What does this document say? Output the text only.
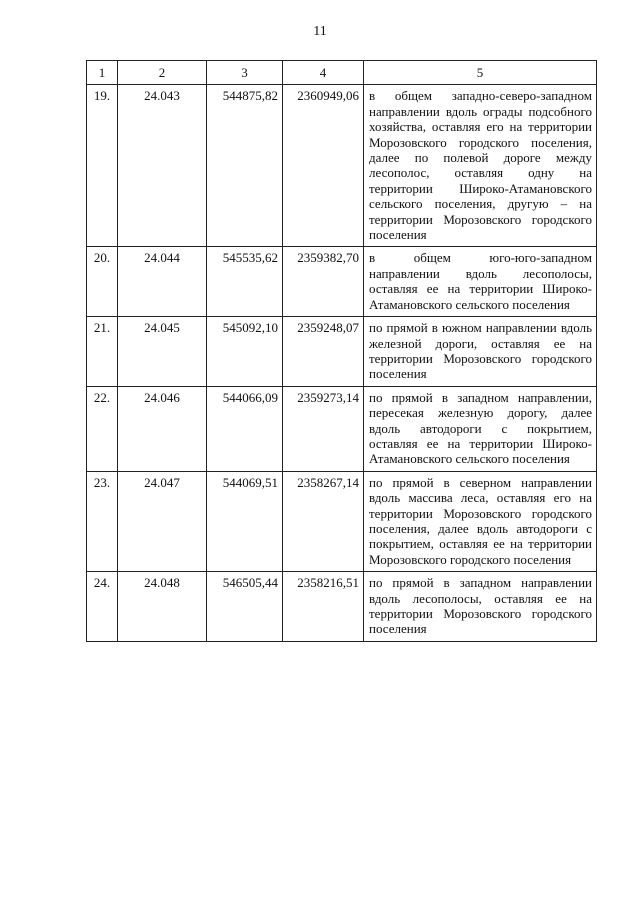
11
1	2	3	4	5
19.	24.043	544875,82	2360949,06	в общем западно-северо-западном направлении вдоль ограды подсобного хозяйства, оставляя его на территории Морозовского городского поселения, далее по полевой дороге между лесополос, оставляя одну на территории Широко-Атамановского сельского поселения, другую – на территории Морозовского городского поселения
20.	24.044	545535,62	2359382,70	в общем юго-юго-западном направлении вдоль лесополосы, оставляя ее на территории Широко-Атамановского сельского поселения
21.	24.045	545092,10	2359248,07	по прямой в южном направлении вдоль железной дороги, оставляя ее на территории Морозовского городского поселения
22.	24.046	544066,09	2359273,14	по прямой в западном направлении, пересекая железную дорогу, далее вдоль автодороги с покрытием, оставляя ее на территории Широко-Атамановского сельского поселения
23.	24.047	544069,51	2358267,14	по прямой в северном направлении вдоль массива леса, оставляя его на территории Морозовского городского поселения, далее вдоль автодороги с покрытием, оставляя ее на территории Морозовского городского поселения
24.	24.048	546505,44	2358216,51	по прямой в западном направлении вдоль лесополосы, оставляя ее на территории Морозовского городского поселения
